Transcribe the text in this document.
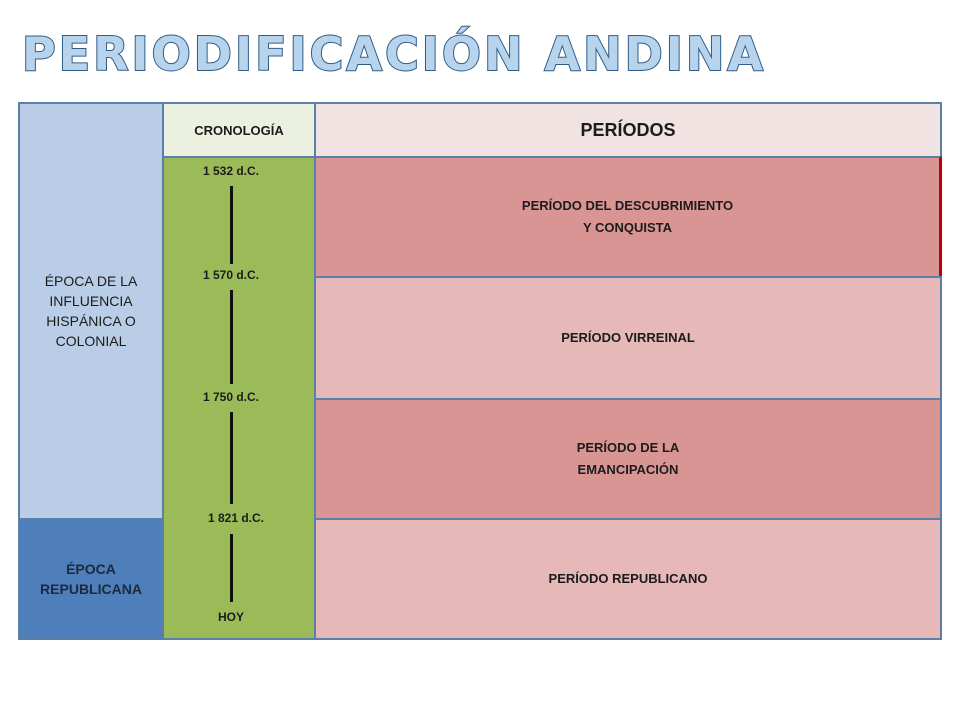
PERIODIFICACIÓN ANDINA
ÉPOCA DE LA
INFLUENCIA
HISPÁNICA O
COLONIAL
ÉPOCA
REPUBLICANA
CRONOLOGÍA
1 532 d.C.
1 570 d.C.
1 750 d.C.
1 821 d.C.
HOY
PERÍODOS
PERÍODO DEL DESCUBRIMIENTO
Y CONQUISTA
PERÍODO VIRREINAL
PERÍODO DE LA
EMANCIPACIÓN
PERÍODO REPUBLICANO
